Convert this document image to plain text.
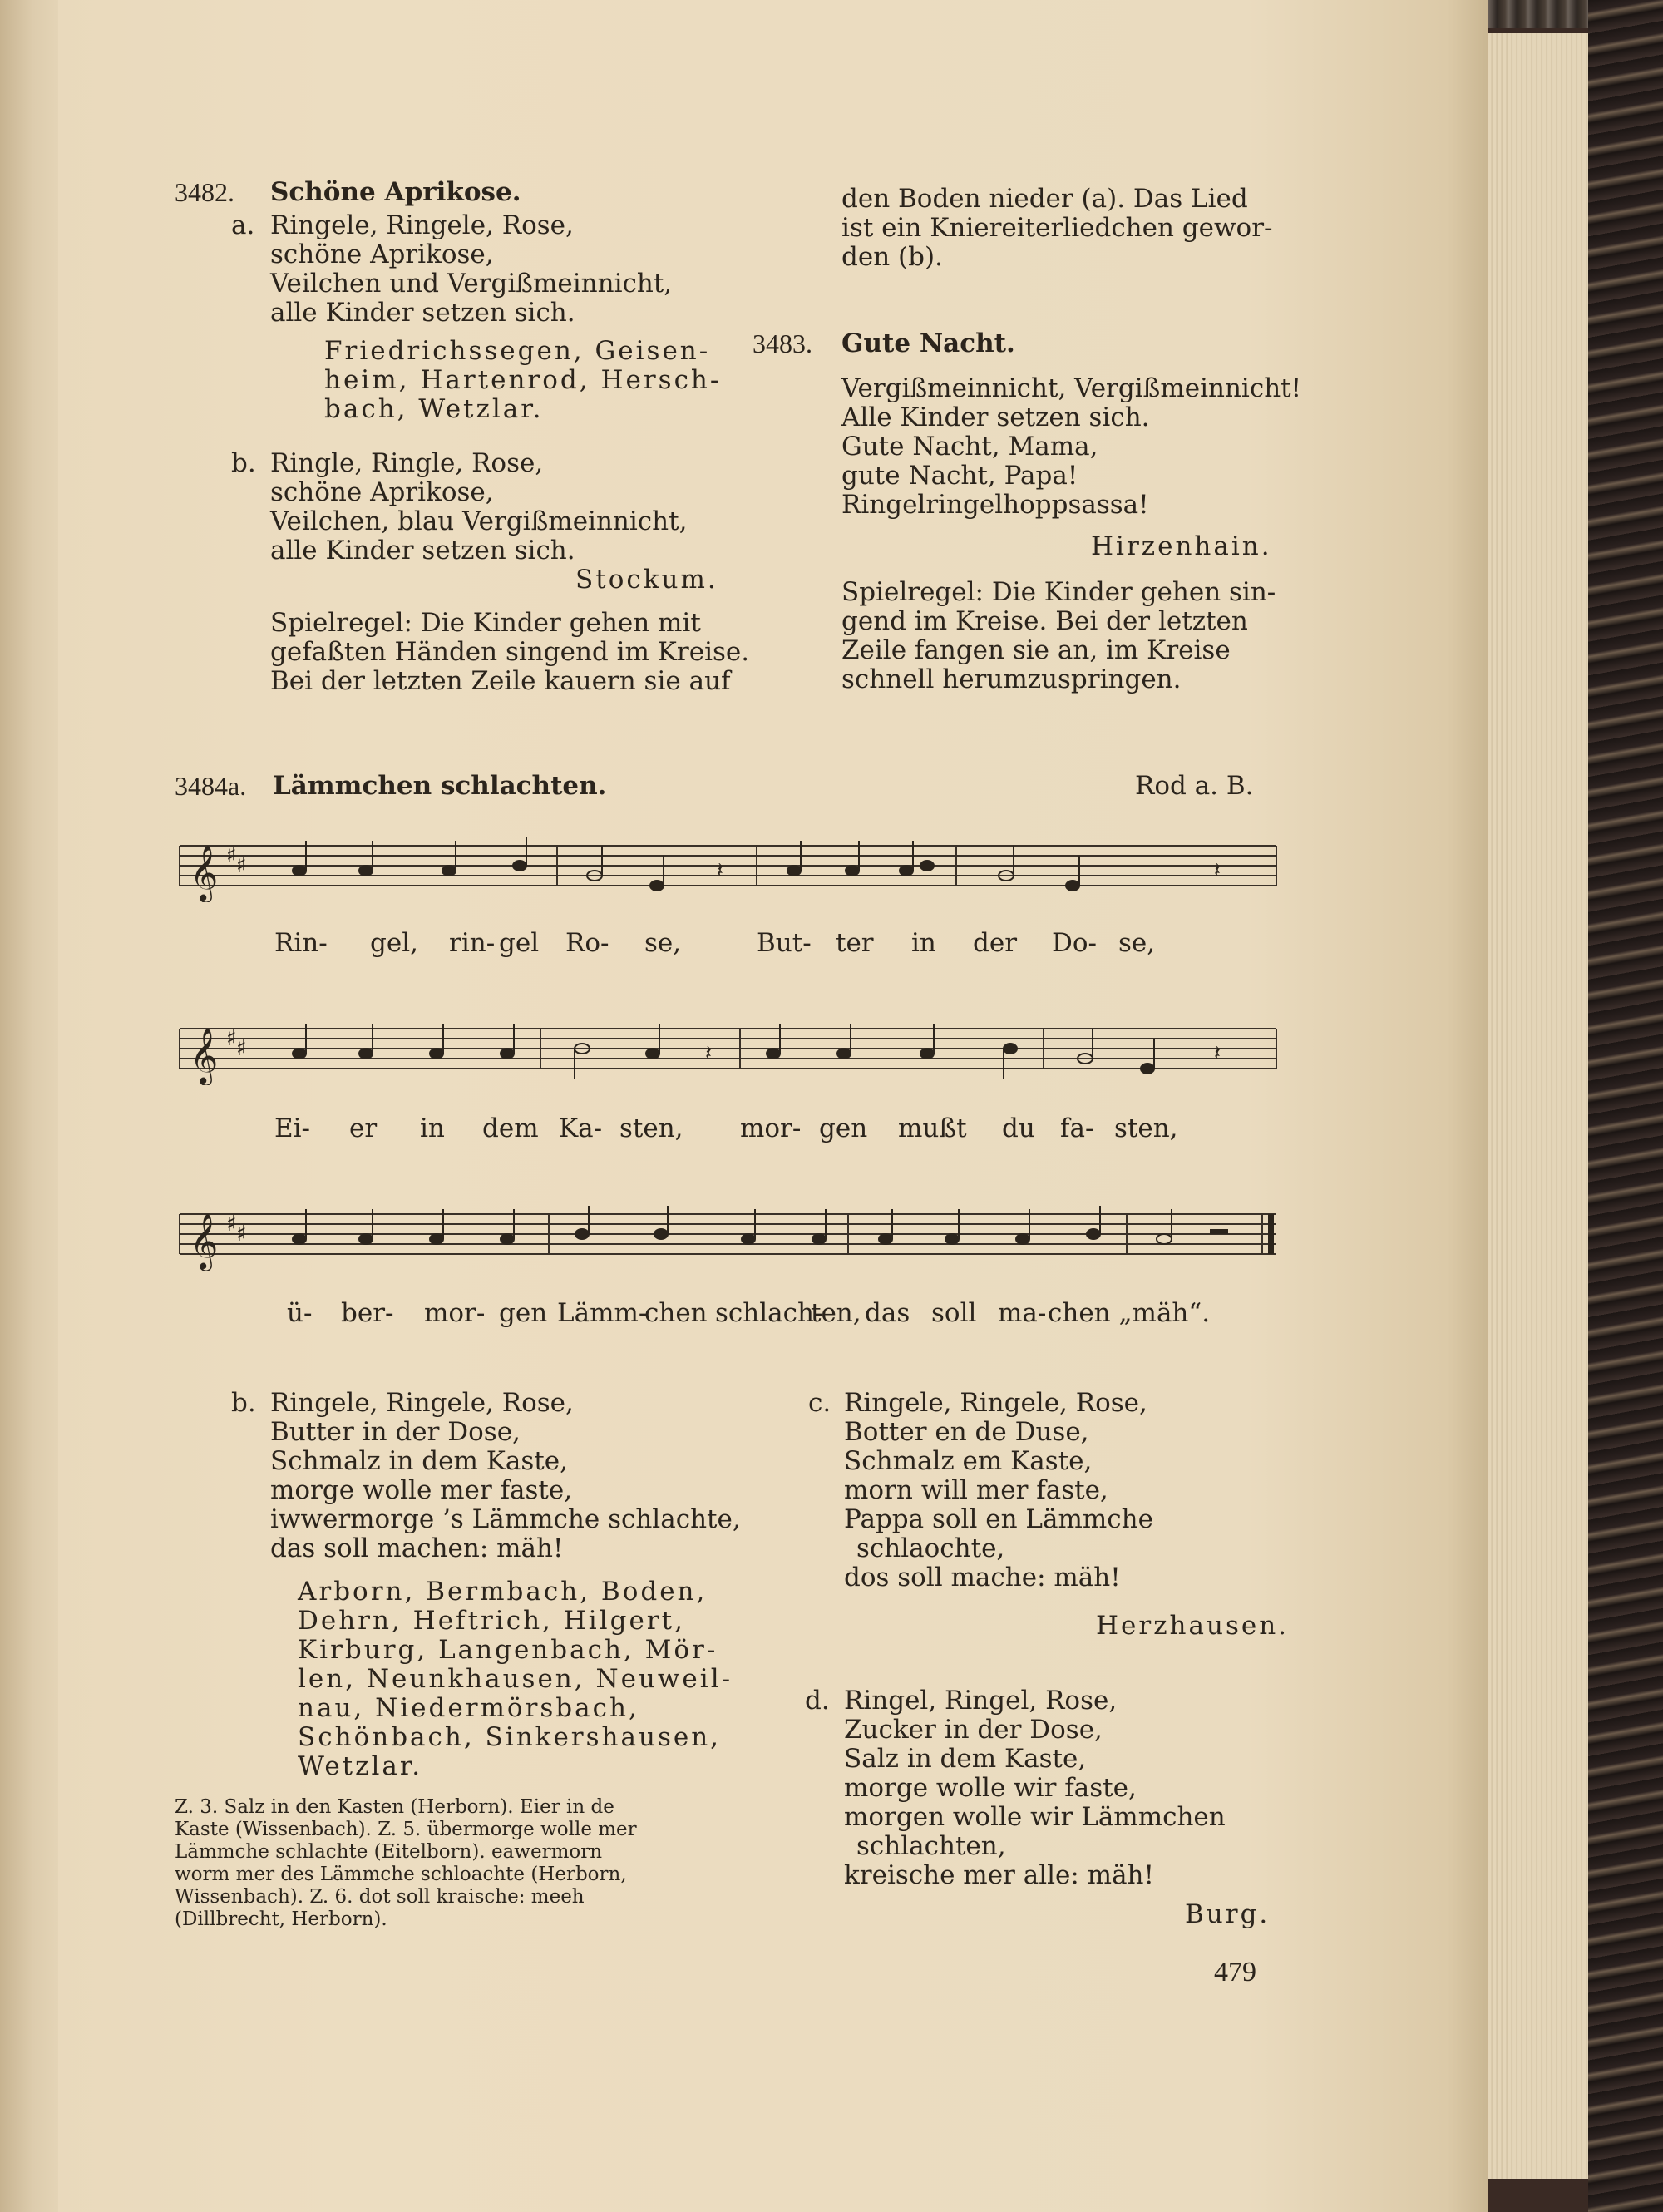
3482. Schöne Aprikose.
a. Ringele, Ringele, Rose,
schöne Aprikose,
Veilchen und Vergißmeinnicht,
alle Kinder setzen sich.
Friedrichssegen, Geisen-
heim, Hartenrod, Hersch-
bach, Wetzlar.
b. Ringle, Ringle, Rose,
schöne Aprikose,
Veilchen, blau Vergißmeinnicht,
alle Kinder setzen sich.
Stockum.
Spielregel: Die Kinder gehen mit
gefaßten Händen singend im Kreise.
Bei der letzten Zeile kauern sie auf
den Boden nieder (a). Das Lied
ist ein Kniereiterliedchen gewor-
den (b).
3483. Gute Nacht.
Vergißmeinnicht, Vergißmeinnicht!
Alle Kinder setzen sich.
Gute Nacht, Mama,
gute Nacht, Papa!
Ringelringelhoppsassa!
Hirzenhain.
Spielregel: Die Kinder gehen sin-
gend im Kreise. Bei der letzten
Zeile fangen sie an, im Kreise
schnell herumzuspringen.
3484a. Lämmchen schlachten.	Rod a. B.
𝄞 ♯ ♯	𝄽	𝄽
Rin- gel, rin- gel Ro- se,	But- ter in der Do- se,
𝄞 ♯ ♯	𝄽	𝄽
Ei- er in dem Ka- sten, mor- gen mußt du fa- sten,
𝄞 ♯ ♯
ü- ber- mor- gen Lämm-
chen schlach-
ten, das soll ma- chen „mäh“.
b. Ringele, Ringele, Rose,
Butter in der Dose,
Schmalz in dem Kaste,
morge wolle mer faste,
iwwermorge ’s Lämmche schlachte,
das soll machen: mäh!
Arborn, Bermbach, Boden,
Dehrn, Heftrich, Hilgert,
Kirburg, Langenbach, Mör-
len, Neunkhausen, Neuweil-
nau, Niedermörsbach,
Schönbach, Sinkershausen,
Wetzlar.
Z. 3. Salz in den Kasten (Herborn). Eier in de
Kaste (Wissenbach). Z. 5. übermorge wolle mer
Lämmche schlachte (Eitelborn). eawermorn
worm mer des Lämmche schloachte (Herborn,
Wissenbach). Z. 6. dot soll kraische: meeh
(Dillbrecht, Herborn).
c. Ringele, Ringele, Rose,
Botter en de Duse,
Schmalz em Kaste,
morn will mer faste,
Pappa soll en Lämmche
schlaochte,
dos soll mache: mäh!
Herzhausen.
d. Ringel, Ringel, Rose,
Zucker in der Dose,
Salz in dem Kaste,
morge wolle wir faste,
morgen wolle wir Lämmchen
schlachten,
kreische mer alle: mäh!
Burg.
479
